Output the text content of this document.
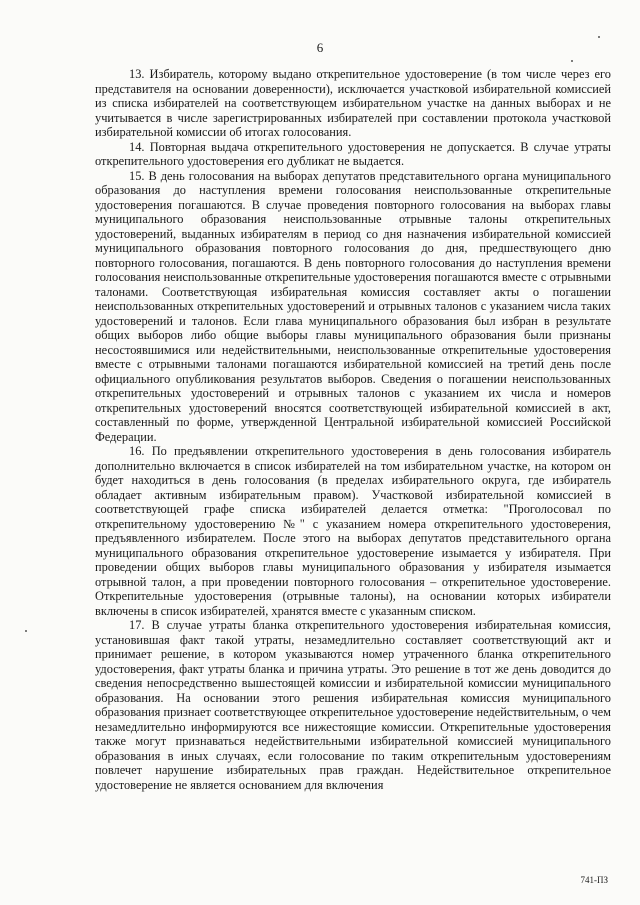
6

13. Избиратель, которому выдано открепительное удостоверение (в том числе через его представителя на основании доверенности), исключается участковой избирательной комиссией из списка избирателей на соответствующем избирательном участке на данных выборах и не учитывается в числе зарегистрированных избирателей при составлении протокола участковой избирательной комиссии об итогах голосования.

14. Повторная выдача открепительного удостоверения не допускается. В случае утраты открепительного удостоверения его дубликат не выдается.

15. В день голосования на выборах депутатов представительного органа муниципального образования до наступления времени голосования неиспользованные открепительные удостоверения погашаются. В случае проведения повторного голосования на выборах главы муниципального образования неиспользованные отрывные талоны открепительных удостоверений, выданных избирателям в период со дня назначения избирательной комиссией муниципального образования повторного голосования до дня, предшествующего дню повторного голосования, погашаются. В день повторного голосования до наступления времени голосования неиспользованные открепительные удостоверения погашаются вместе с отрывными талонами. Соответствующая избирательная комиссия составляет акты о погашении неиспользованных открепительных удостоверений и отрывных талонов с указанием числа таких удостоверений и талонов. Если глава муниципального образования был избран в результате общих выборов либо общие выборы главы муниципального образования были признаны несостоявшимися или недействительными, неиспользованные открепительные удостоверения вместе с отрывными талонами погашаются избирательной комиссией на третий день после официального опубликования результатов выборов. Сведения о погашении неиспользованных открепительных удостоверений и отрывных талонов с указанием их числа и номеров открепительных удостоверений вносятся соответствующей избирательной комиссией в акт, составленный по форме, утвержденной Центральной избирательной комиссией Российской Федерации.

16. По предъявлении открепительного удостоверения в день голосования избиратель дополнительно включается в список избирателей на том избирательном участке, на котором он будет находиться в день голосования (в пределах избирательного округа, где избиратель обладает активным избирательным правом). Участковой избирательной комиссией в соответствующей графе списка избирателей делается отметка: "Проголосовал по открепительному удостоверению №" с указанием номера открепительного удостоверения, предъявленного избирателем. После этого на выборах депутатов представительного органа муниципального образования открепительное удостоверение изымается у избирателя. При проведении общих выборов главы муниципального образования у избирателя изымается отрывной талон, а при проведении повторного голосования – открепительное удостоверение. Открепительные удостоверения (отрывные талоны), на основании которых избиратели включены в список избирателей, хранятся вместе с указанным списком.

17. В случае утраты бланка открепительного удостоверения избирательная комиссия, установившая факт такой утраты, незамедлительно составляет соответствующий акт и принимает решение, в котором указываются номер утраченного бланка открепительного удостоверения, факт утраты бланка и причина утраты. Это решение в тот же день доводится до сведения непосредственно вышестоящей комиссии и избирательной комиссии муниципального образования. На основании этого решения избирательная комиссия муниципального образования признает соответствующее открепительное удостоверение недействительным, о чем незамедлительно информируются все нижестоящие комиссии. Открепительные удостоверения также могут признаваться недействительными избирательной комиссией муниципального образования в иных случаях, если голосование по таким открепительным удостоверениям повлечет нарушение избирательных прав граждан. Недействительное открепительное удостоверение не является основанием для включения

741-ПЗ
